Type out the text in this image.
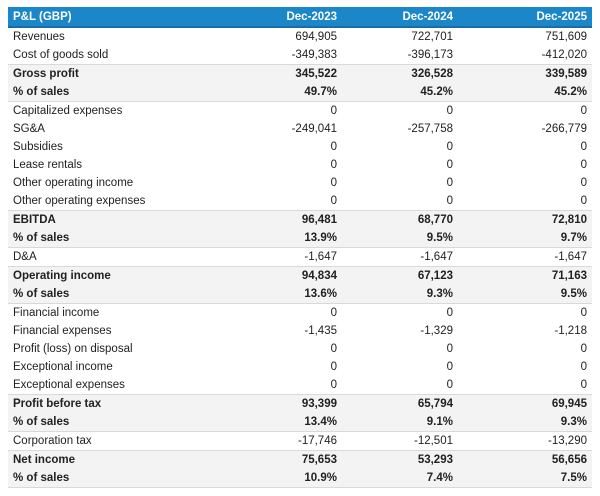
P&L (GBP)	Dec-2023	Dec-2024	Dec-2025
Revenues	694,905	722,701	751,609
Cost of goods sold	-349,383	-396,173	-412,020
Gross profit	345,522	326,528	339,589
% of sales	49.7%	45.2%	45.2%
Capitalized expenses	0	0	0
SG&A	-249,041	-257,758	-266,779
Subsidies	0	0	0
Lease rentals	0	0	0
Other operating income	0	0	0
Other operating expenses	0	0	0
EBITDA	96,481	68,770	72,810
% of sales	13.9%	9.5%	9.7%
D&A	-1,647	-1,647	-1,647
Operating income	94,834	67,123	71,163
% of sales	13.6%	9.3%	9.5%
Financial income	0	0	0
Financial expenses	-1,435	-1,329	-1,218
Profit (loss) on disposal	0	0	0
Exceptional income	0	0	0
Exceptional expenses	0	0	0
Profit before tax	93,399	65,794	69,945
% of sales	13.4%	9.1%	9.3%
Corporation tax	-17,746	-12,501	-13,290
Net income	75,653	53,293	56,656
% of sales	10.9%	7.4%	7.5%
